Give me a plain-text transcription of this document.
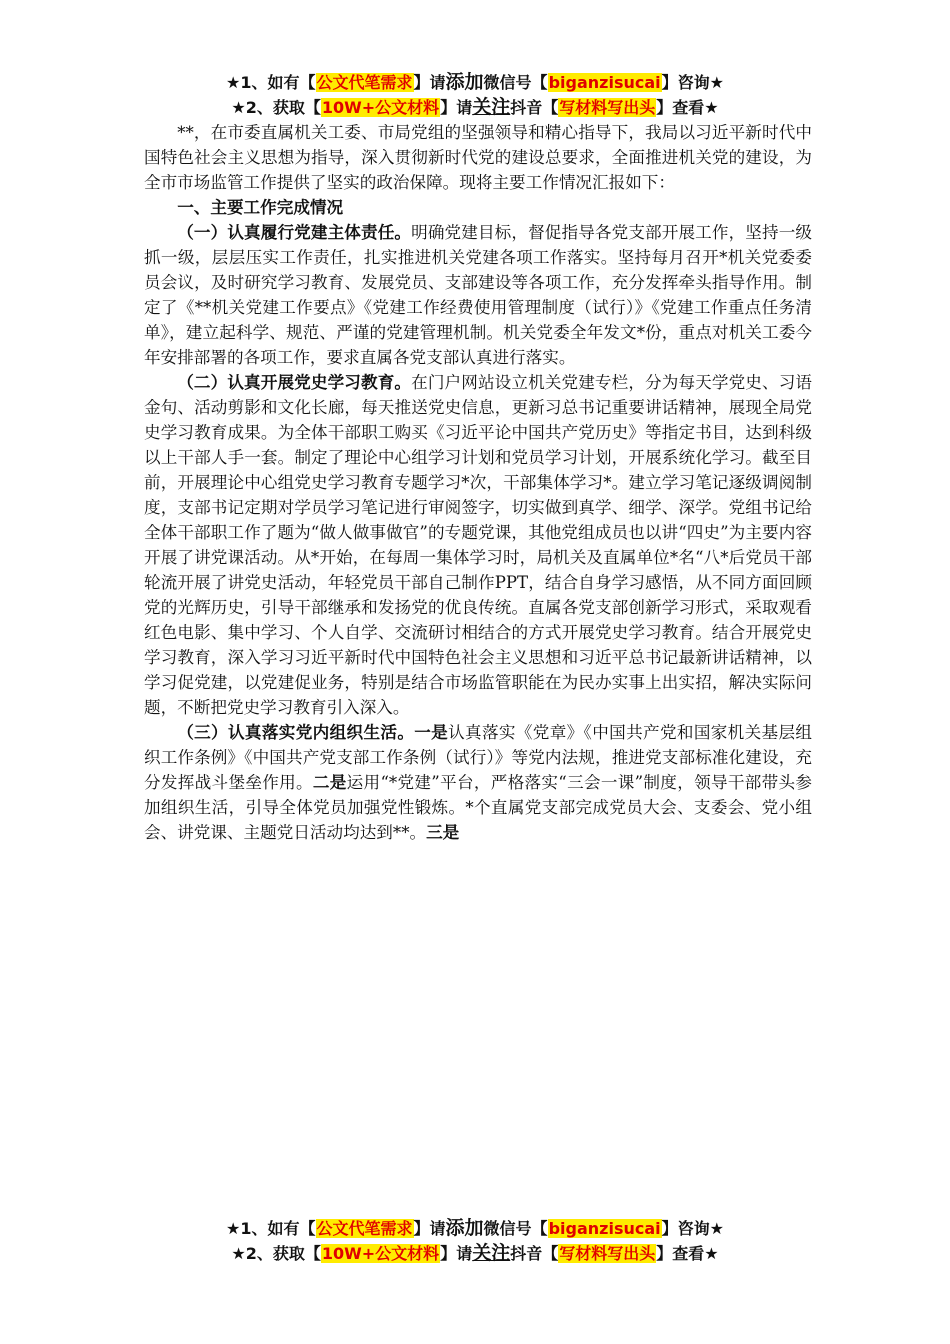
★1、如有【公文代笔需求】请添加微信号【biganzisucai】咨询★
★2、获取【10W+公文材料】请关注抖音【写材料写出头】查看★

**，在市委直属机关工委、市局党组的坚强领导和精心指导下，我局以习近平新时代中国特色社会主义思想为指导，深入贯彻新时代党的建设总要求，全面推进机关党的建设，为全市市场监管工作提供了坚实的政治保障。现将主要工作情况汇报如下：

一、主要工作完成情况

（一）认真履行党建主体责任。明确党建目标，督促指导各党支部开展工作，坚持一级抓一级，层层压实工作责任，扎实推进机关党建各项工作落实。坚持每月召开*机关党委委员会议，及时研究学习教育、发展党员、支部建设等各项工作，充分发挥牵头指导作用。制定了《**机关党建工作要点》《党建工作经费使用管理制度（试行）》《党建工作重点任务清单》，建立起科学、规范、严谨的党建管理机制。机关党委全年发文*份，重点对机关工委今年安排部署的各项工作，要求直属各党支部认真进行落实。

（二）认真开展党史学习教育。在门户网站设立机关党建专栏，分为每天学党史、习语金句、活动剪影和文化长廊，每天推送党史信息，更新习总书记重要讲话精神，展现全局党史学习教育成果。为全体干部职工购买《习近平论中国共产党历史》等指定书目，达到科级以上干部人手一套。制定了理论中心组学习计划和党员学习计划，开展系统化学习。截至目前，开展理论中心组党史学习教育专题学习*次，干部集体学习*。建立学习笔记逐级调阅制度，支部书记定期对学员学习笔记进行审阅签字，切实做到真学、细学、深学。党组书记给全体干部职工作了题为“做人做事做官”的专题党课，其他党组成员也以讲“四史”为主要内容开展了讲党课活动。从*开始，在每周一集体学习时，局机关及直属单位*名“八*后党员干部轮流开展了讲党史活动，年轻党员干部自己制作PPT，结合自身学习感悟，从不同方面回顾党的光辉历史，引导干部继承和发扬党的优良传统。直属各党支部创新学习形式，采取观看红色电影、集中学习、个人自学、交流研讨相结合的方式开展党史学习教育。结合开展党史学习教育，深入学习习近平新时代中国特色社会主义思想和习近平总书记最新讲话精神，以学习促党建，以党建促业务，特别是结合市场监管职能在为民办实事上出实招，解决实际问题，不断把党史学习教育引入深入。

（三）认真落实党内组织生活。一是认真落实《党章》《中国共产党和国家机关基层组织工作条例》《中国共产党支部工作条例（试行）》等党内法规，推进党支部标准化建设，充分发挥战斗堡垒作用。二是运用“*党建”平台，严格落实“三会一课”制度，领导干部带头参加组织生活，引导全体党员加强党性锻炼。*个直属党支部完成党员大会、支委会、党小组会、讲党课、主题党日活动均达到**。三是

★1、如有【公文代笔需求】请添加微信号【biganzisucai】咨询★
★2、获取【10W+公文材料】请关注抖音【写材料写出头】查看★
